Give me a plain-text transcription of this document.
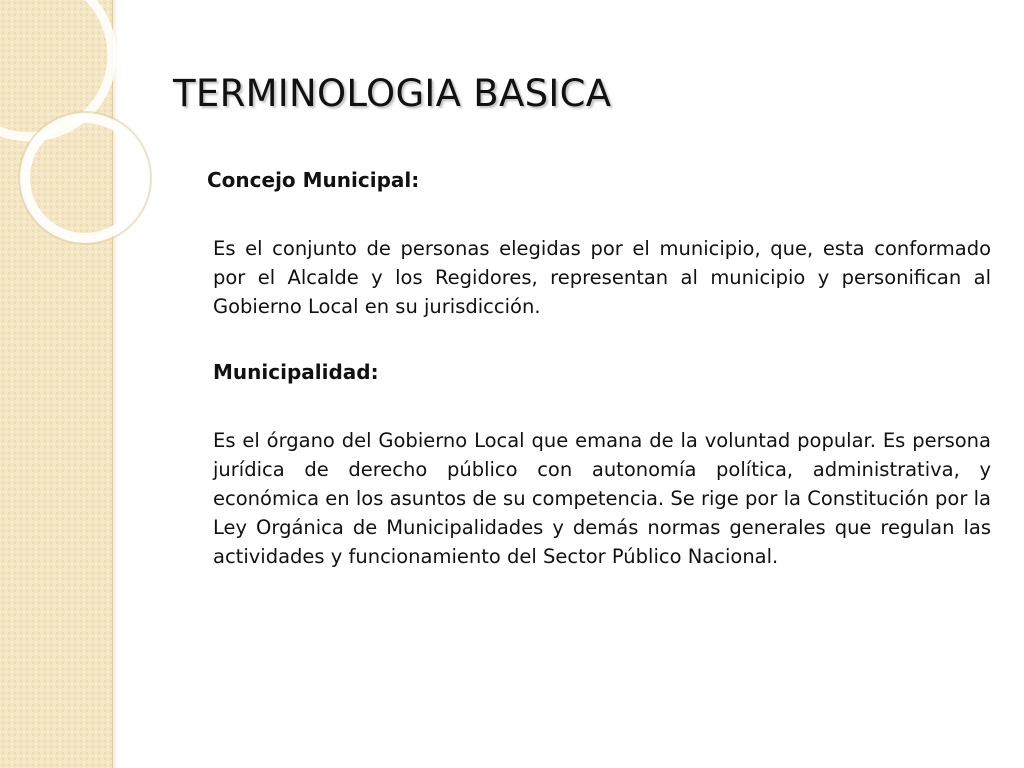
TERMINOLOGIA BASICA

Concejo Municipal:

Es el conjunto de personas elegidas por el municipio, que, esta conformado por el Alcalde y los Regidores, representan al municipio y personifican al Gobierno Local en su jurisdicción.

Municipalidad:

Es el órgano del Gobierno Local que emana de la voluntad popular. Es persona jurídica de derecho público con autonomía política, administrativa, y económica en los asuntos de su competencia. Se rige por la Constitución por la Ley Orgánica de Municipalidades y demás normas generales que regulan las actividades y funcionamiento del Sector Público Nacional.
